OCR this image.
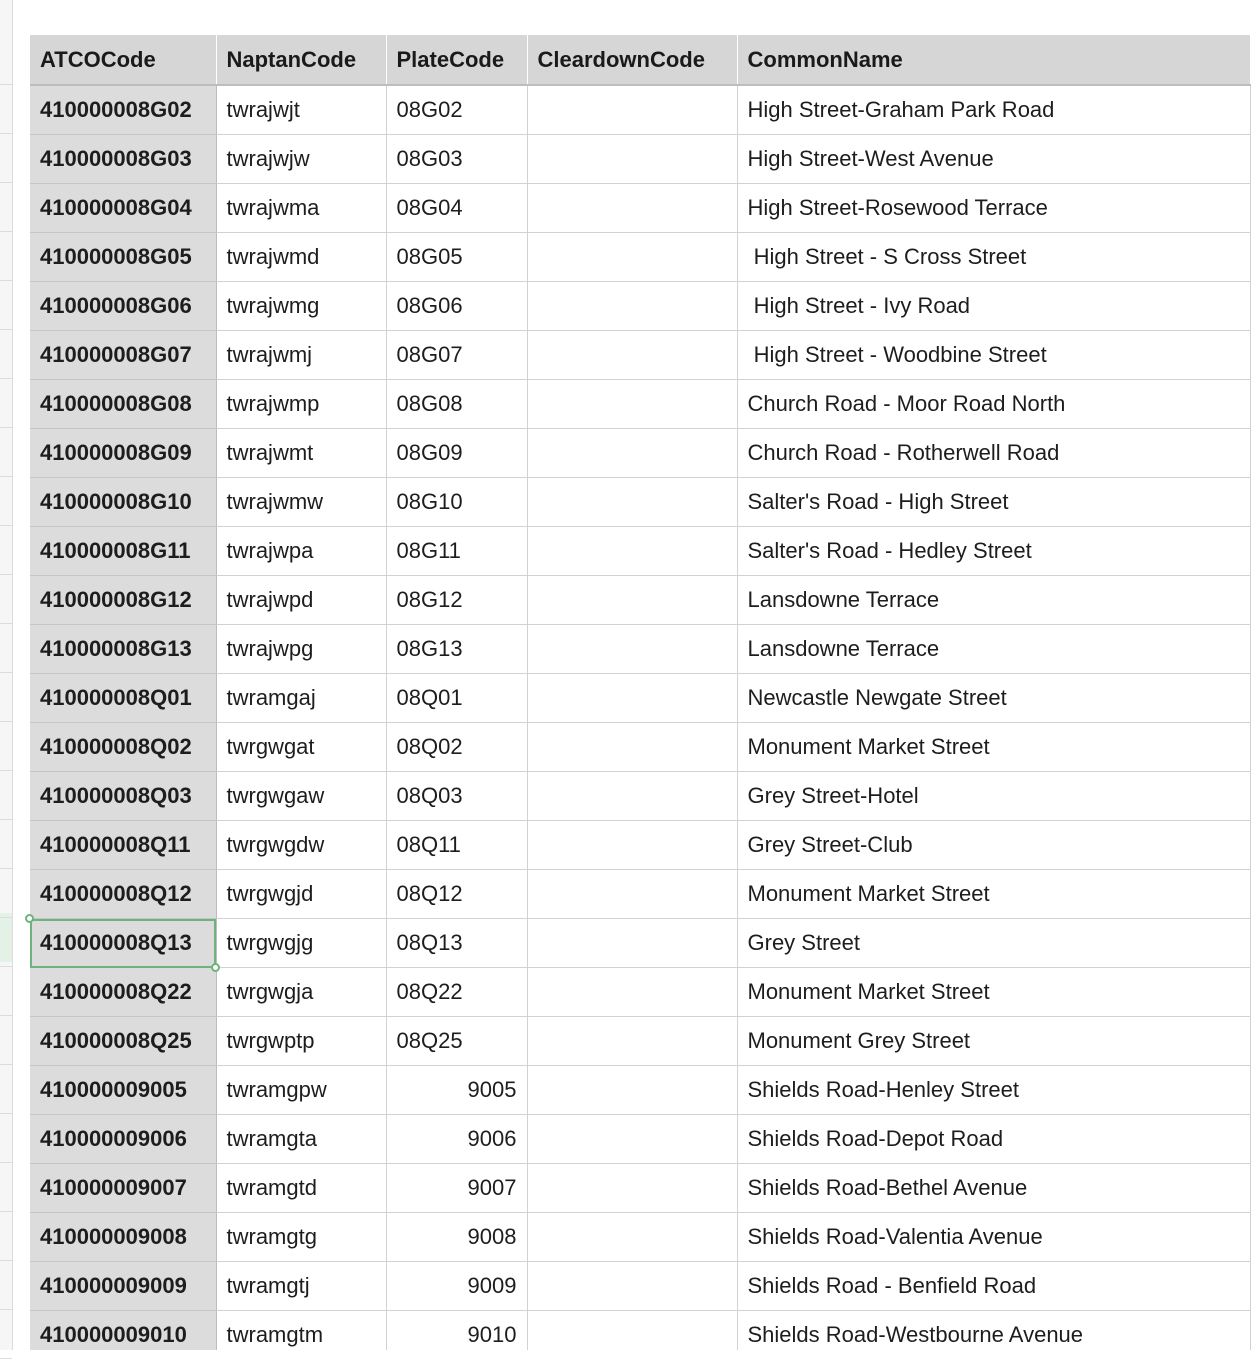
ATCOCode	NaptanCode	PlateCode	CleardownCode	CommonName
410000008G02	twrajwjt	08G02		High Street-Graham Park Road
410000008G03	twrajwjw	08G03		High Street-West Avenue
410000008G04	twrajwma	08G04		High Street-Rosewood Terrace
410000008G05	twrajwmd	08G05		High Street - S Cross Street
410000008G06	twrajwmg	08G06		High Street - Ivy Road
410000008G07	twrajwmj	08G07		High Street - Woodbine Street
410000008G08	twrajwmp	08G08		Church Road - Moor Road North
410000008G09	twrajwmt	08G09		Church Road - Rotherwell Road
410000008G10	twrajwmw	08G10		Salter's Road - High Street
410000008G11	twrajwpa	08G11		Salter's Road - Hedley Street
410000008G12	twrajwpd	08G12		Lansdowne Terrace
410000008G13	twrajwpg	08G13		Lansdowne Terrace
410000008Q01	twramgaj	08Q01		Newcastle Newgate Street
410000008Q02	twrgwgat	08Q02		Monument Market Street
410000008Q03	twrgwgaw	08Q03		Grey Street-Hotel
410000008Q11	twrgwgdw	08Q11		Grey Street-Club
410000008Q12	twrgwgjd	08Q12		Monument Market Street
410000008Q13	twrgwgjg	08Q13		Grey Street
410000008Q22	twrgwgja	08Q22		Monument Market Street
410000008Q25	twrgwptp	08Q25		Monument Grey Street
410000009005	twramgpw	9005		Shields Road-Henley Street
410000009006	twramgta	9006		Shields Road-Depot Road
410000009007	twramgtd	9007		Shields Road-Bethel Avenue
410000009008	twramgtg	9008		Shields Road-Valentia Avenue
410000009009	twramgtj	9009		Shields Road - Benfield Road
410000009010	twramgtm	9010		Shields Road-Westbourne Avenue
